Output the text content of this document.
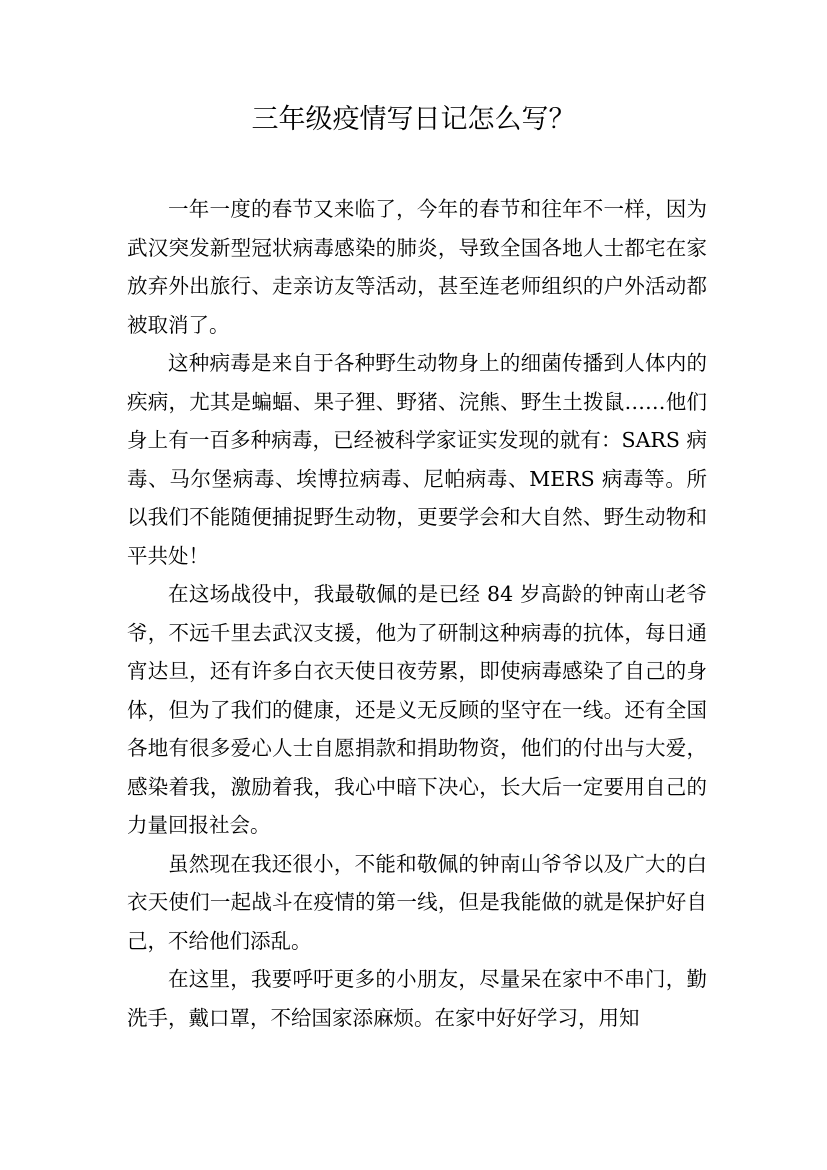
三年级疫情写日记怎么写？

一年一度的春节又来临了，今年的春节和往年不一样，因为武汉突发新型冠状病毒感染的肺炎，导致全国各地人士都宅在家放弃外出旅行、走亲访友等活动，甚至连老师组织的户外活动都被取消了。

这种病毒是来自于各种野生动物身上的细菌传播到人体内的疾病，尤其是蝙蝠、果子狸、野猪、浣熊、野生土拨鼠……他们身上有一百多种病毒，已经被科学家证实发现的就有：SARS 病毒、马尔堡病毒、埃博拉病毒、尼帕病毒、MERS 病毒等。所以我们不能随便捕捉野生动物，更要学会和大自然、野生动物和平共处！

在这场战役中，我最敬佩的是已经 84 岁高龄的钟南山老爷爷，不远千里去武汉支援，他为了研制这种病毒的抗体，每日通宵达旦，还有许多白衣天使日夜劳累，即使病毒感染了自己的身体，但为了我们的健康，还是义无反顾的坚守在一线。还有全国各地有很多爱心人士自愿捐款和捐助物资，他们的付出与大爱，感染着我，激励着我，我心中暗下决心，长大后一定要用自己的力量回报社会。

虽然现在我还很小，不能和敬佩的钟南山爷爷以及广大的白衣天使们一起战斗在疫情的第一线，但是我能做的就是保护好自己，不给他们添乱。

在这里，我要呼吁更多的小朋友，尽量呆在家中不串门，勤洗手，戴口罩，不给国家添麻烦。在家中好好学习，用知
